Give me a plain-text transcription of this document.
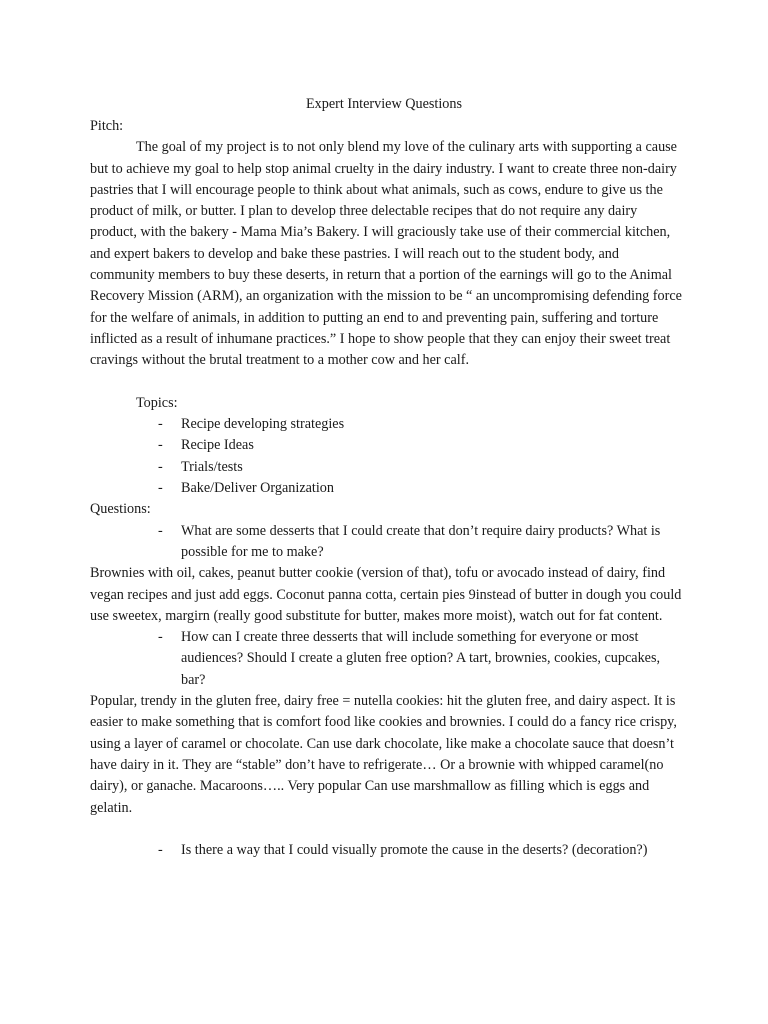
Expert Interview Questions

Pitch:

The goal of my project is to not only blend my love of the culinary arts with supporting a cause but to achieve my goal to help stop animal cruelty in the dairy industry. I want to create three non-dairy pastries that I will encourage people to think about what animals, such as cows, endure to give us the product of milk, or butter. I plan to develop three delectable recipes that do not require any dairy product, with the bakery - Mama Mia’s Bakery. I will graciously take use of their commercial kitchen, and expert bakers to develop and bake these pastries. I will reach out to the student body, and community members to buy these deserts, in return that a portion of the earnings will go to the Animal Recovery Mission (ARM), an organization with the mission to be “ an uncompromising defending force for the welfare of animals, in addition to putting an end to and preventing pain, suffering and torture inflicted as a result of inhumane practices.” I hope to show people that they can enjoy their sweet treat cravings without the brutal treatment to a mother cow and her calf.

Topics:

-	Recipe developing strategies
-	Recipe Ideas
-	Trials/tests
-	Bake/Deliver Organization

Questions:

-	What are some desserts that I could create that don’t require dairy products? What is possible for me to make?

Brownies with oil, cakes, peanut butter cookie (version of that), tofu or avocado instead of dairy, find vegan recipes and just add eggs. Coconut panna cotta, certain pies 9instead of butter in dough you could use sweetex, margirn (really good substitute for butter, makes more moist), watch out for fat content.

-	How can I create three desserts that will include something for everyone or most audiences? Should I create a gluten free option? A tart, brownies, cookies, cupcakes, bar?

Popular, trendy in the gluten free, dairy free = nutella cookies: hit the gluten free, and dairy aspect. It is easier to make something that is comfort food like cookies and brownies. I could do a fancy rice crispy, using a layer of caramel or chocolate. Can use dark chocolate, like make a chocolate sauce that doesn’t have dairy in it. They are “stable” don’t have to refrigerate… Or a brownie with whipped caramel(no dairy), or ganache. Macaroons….. Very popular Can use marshmallow as filling which is eggs and gelatin.

-	Is there a way that I could visually promote the cause in the deserts? (decoration?)
